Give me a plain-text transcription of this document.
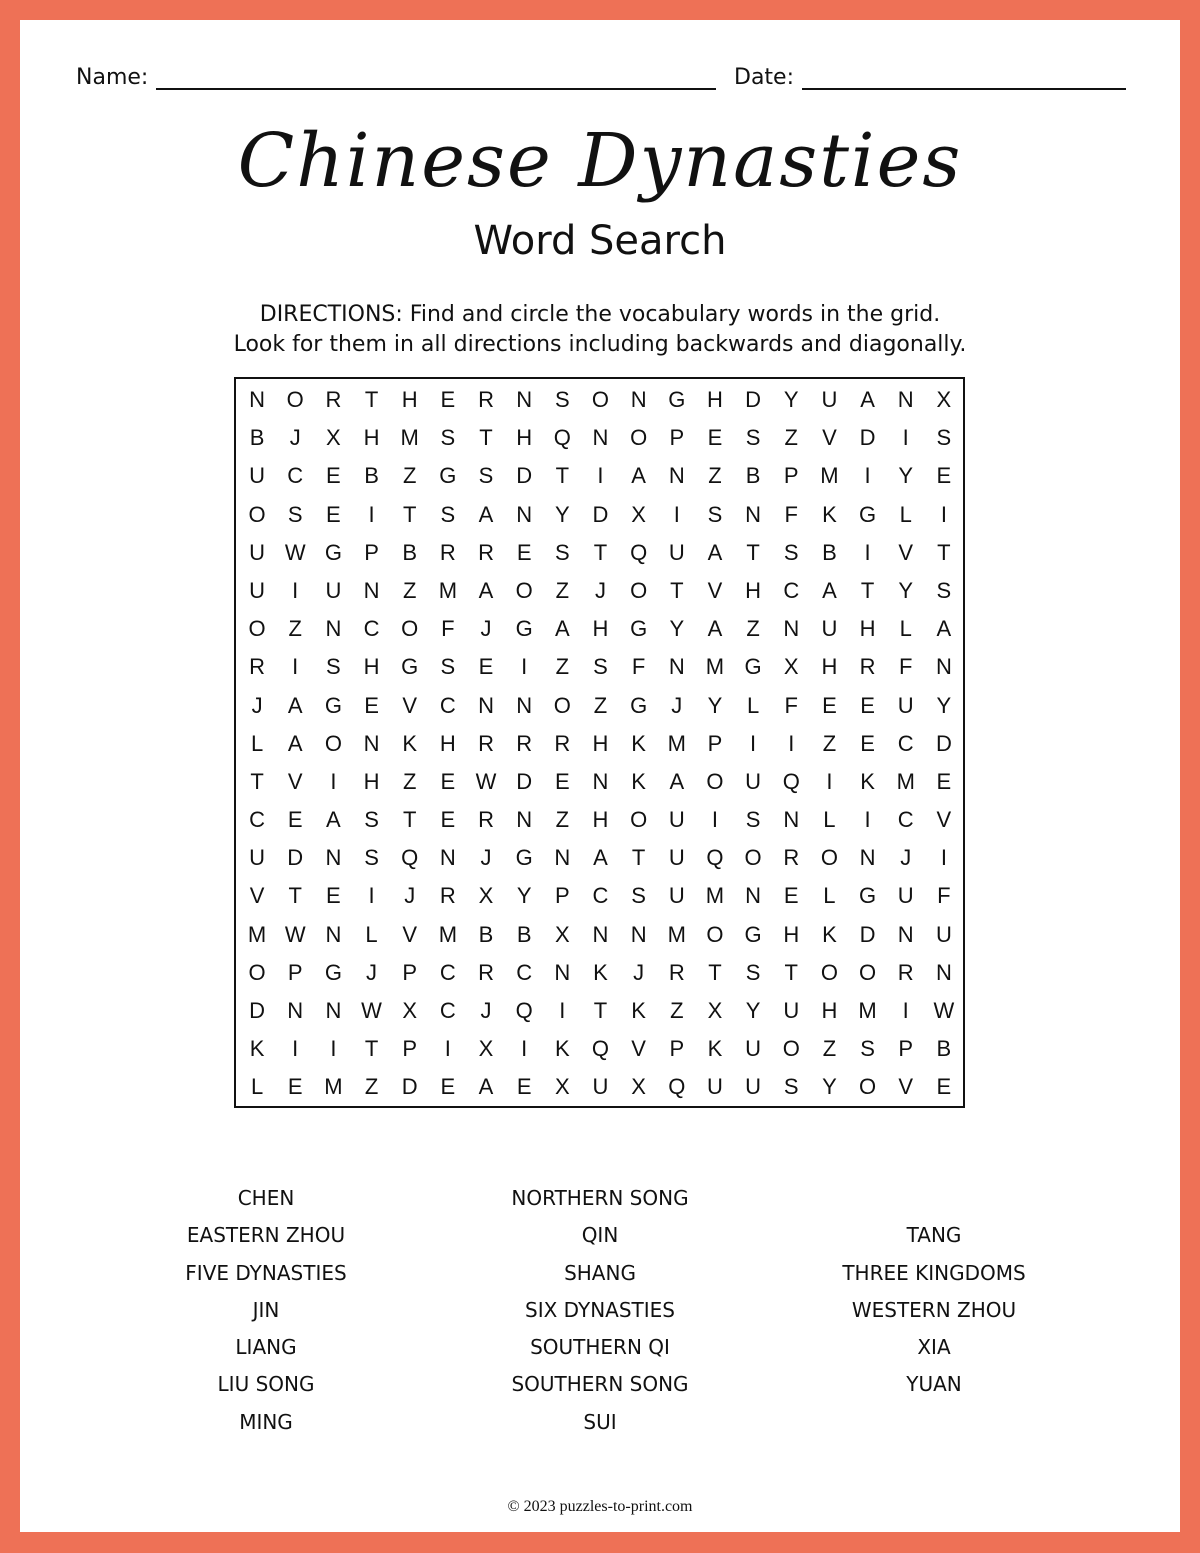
Name:	Date:
Chinese Dynasties
Word Search
DIRECTIONS: Find and circle the vocabulary words in the grid.
Look for them in all directions including backwards and diagonally.
N O R	T	H	E	R	N	S	O N G H	D	Y	U	A	N	X
B	J	X	H M S	T	H Q N O	P	E	S	Z	V	D	I	S
U	C	E	B	Z	G	S	D	T	I	A	N	Z	B	P M	I	Y	E
O	S	E	I	T	S	A	N	Y	D	X	I	S	N	F	K	G	L	I
U W G	P	B	R	R	E	S	T	Q U	A	T	S	B	I	V	T
U	I	U	N	Z	M A	O	Z	J	O	T	V	H	C	A	T	Y	S
O	Z	N	C O	F	J	G	A	H G	Y	A	Z	N	U	H	L	A
R	I	S	H G	S	E	I	Z	S	F	N M G	X	H	R	F	N
J	A	G	E	V	C	N	N O	Z	G	J	Y	L	F	E	E	U	Y
L	A	O N	K	H	R	R	R	H	K M P	I	I	Z	E	C	D
T	V	I	H	Z	E W D	E	N	K	A	O U Q	I	K M E
C	E	A	S	T	E	R	N	Z	H O U	I	S	N	L	I	C	V
U	D	N	S	Q N	J	G N	A	T	U Q O R O N	J	I
V	T	E	I	J	R	X	Y	P	C	S	U M N	E	L	G U	F
M W N	L	V M B	B	X	N	N M O G H	K	D	N	U
O	P	G	J	P	C	R	C	N	K	J	R	T	S	T	O O R	N
D	N	N W X	C	J	Q	I	T	K	Z	X	Y	U	H M	I	W
K	I	I	T	P	I	X	I	K	Q	V	P	K	U O	Z	S	P	B
L	E M	Z	D	E	A	E	X	U	X	Q U	U	S	Y	O	V	E
CHEN
EASTERN ZHOU
FIVE DYNASTIES
JIN
LIANG
LIU SONG
MING
NORTHERN SONG
QIN
SHANG
SIX DYNASTIES
SOUTHERN QI
SOUTHERN SONG
SUI
TANG
THREE KINGDOMS
WESTERN ZHOU
XIA
YUAN
© 2023 puzzles-to-print.com
